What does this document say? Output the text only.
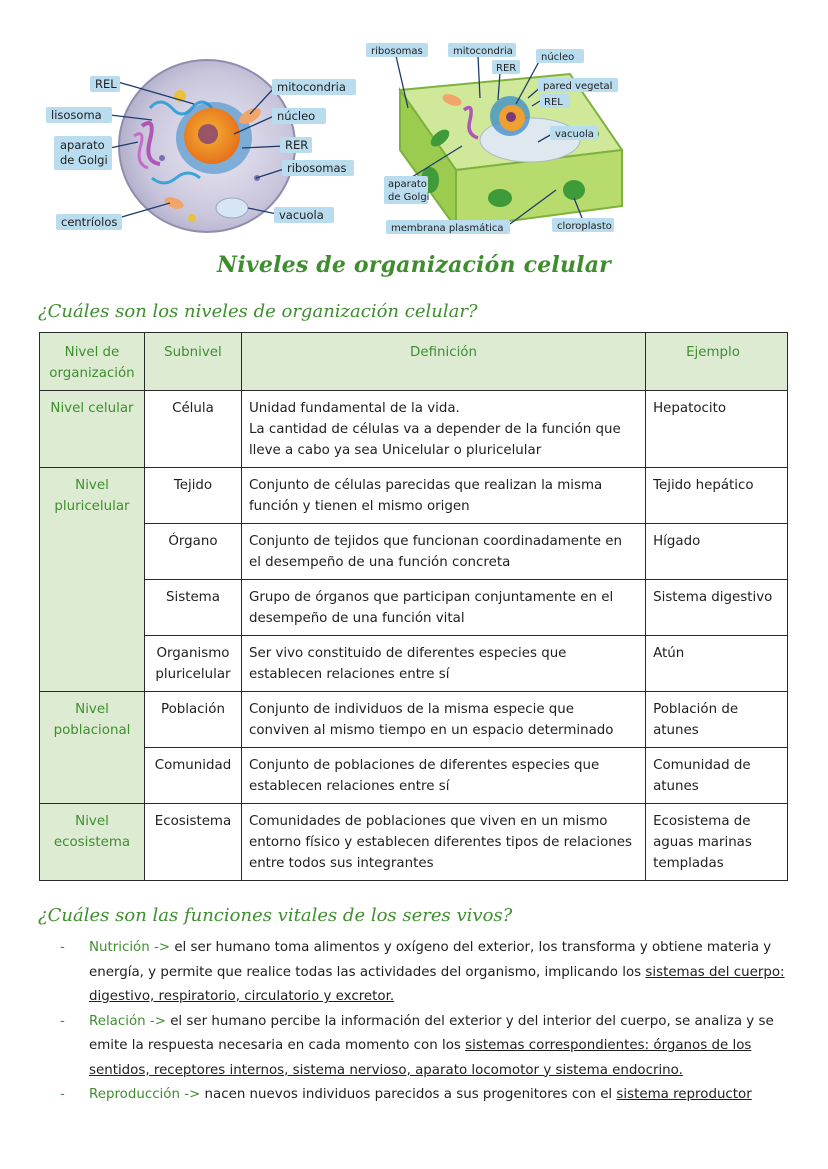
REL
lisosoma
aparato
de Golgi
centríolos
mitocondria
núcleo
RER
ribosomas
vacuola
ribosomas	mitocondria
RER
núcleo
pared vegetal
REL
vacuola
aparato
de Golgi
membrana plasmática	cloroplasto
Niveles de organización celular
¿Cuáles son los niveles de organización celular?
Nivel de organización	Subnivel	Definición	Ejemplo
Nivel celular	Célula	Unidad fundamental de la vida.
La cantidad de células va a depender de la función que lleve a cabo ya sea Unicelular o pluricelular	Hepatocito
Nivel pluricelular	Tejido	Conjunto de células parecidas que realizan la misma función y tienen el mismo origen	Tejido hepático
	Órgano	Conjunto de tejidos que funcionan coordinadamente en el desempeño de una función concreta	Hígado
	Sistema	Grupo de órganos que participan conjuntamente en el desempeño de una función vital	Sistema digestivo
	Organismo pluricelular	Ser vivo constituido de diferentes especies que establecen relaciones entre sí	Atún
Nivel poblacional	Población	Conjunto de individuos de la misma especie que conviven al mismo tiempo en un espacio determinado	Población de atunes
	Comunidad	Conjunto de poblaciones de diferentes especies que establecen relaciones entre sí	Comunidad de atunes
Nivel ecosistema	Ecosistema	Comunidades de poblaciones que viven en un mismo entorno físico y establecen diferentes tipos de relaciones entre todos sus integrantes	Ecosistema de aguas marinas templadas
¿Cuáles son las funciones vitales de los seres vivos?
- Nutrición -> el ser humano toma alimentos y oxígeno del exterior, los transforma y obtiene materia y energía, y permite que realice todas las actividades del organismo, implicando los sistemas del cuerpo: digestivo, respiratorio, circulatorio y excretor.
- Relación -> el ser humano percibe la información del exterior y del interior del cuerpo, se analiza y se emite la respuesta necesaria en cada momento con los sistemas correspondientes: órganos de los sentidos, receptores internos, sistema nervioso, aparato locomotor y sistema endocrino.
- Reproducción -> nacen nuevos individuos parecidos a sus progenitores con el sistema reproductor
